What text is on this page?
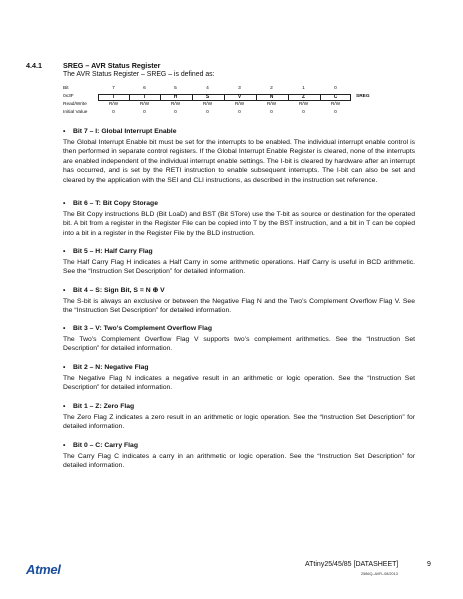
4.4.1	SREG – AVR Status Register
The AVR Status Register – SREG – is defined as:
Bit	7	6	5	4	3	2	1	0
0x3F	I	T	H	S	V	N	Z	C	SREG
Read/Write	R/W	R/W	R/W	R/W	R/W	R/W	R/W	R/W
Initial Value	0	0	0	0	0	0	0	0
• Bit 7 – I: Global Interrupt Enable

The Global Interrupt Enable bit must be set for the interrupts to be enabled. The individual interrupt enable control is then performed in separate control registers. If the Global Interrupt Enable Register is cleared, none of the interrupts are enabled independent of the individual interrupt enable settings. The I-bit is cleared by hardware after an interrupt has occurred, and is set by the RETI instruction to enable subsequent interrupts. The I-bit can also be set and cleared by the application with the SEI and CLI instructions, as described in the instruction set reference.

• Bit 6 – T: Bit Copy Storage

The Bit Copy instructions BLD (Bit LoaD) and BST (Bit STore) use the T-bit as source or destination for the operated bit. A bit from a register in the Register File can be copied into T by the BST instruction, and a bit in T can be copied into a bit in a register in the Register File by the BLD instruction.

• Bit 5 – H: Half Carry Flag

The Half Carry Flag H indicates a Half Carry in some arithmetic operations. Half Carry is useful in BCD arithmetic. See the “Instruction Set Description” for detailed information.

• Bit 4 – S: Sign Bit, S = N ⊕ V

The S-bit is always an exclusive or between the Negative Flag N and the Two’s Complement Overflow Flag V. See the “Instruction Set Description” for detailed information.

• Bit 3 – V: Two’s Complement Overflow Flag

The Two’s Complement Overflow Flag V supports two’s complement arithmetics. See the “Instruction Set Description” for detailed information.

• Bit 2 – N: Negative Flag

The Negative Flag N indicates a negative result in an arithmetic or logic operation. See the “Instruction Set Description” for detailed information.

• Bit 1 – Z: Zero Flag

The Zero Flag Z indicates a zero result in an arithmetic or logic operation. See the “Instruction Set Description” for detailed information.

• Bit 0 – C: Carry Flag

The Carry Flag C indicates a carry in an arithmetic or logic operation. See the “Instruction Set Description” for detailed information.

Atmel	ATtiny25/45/85 [DATASHEET]	9
2586Q–AVR–08/2013
